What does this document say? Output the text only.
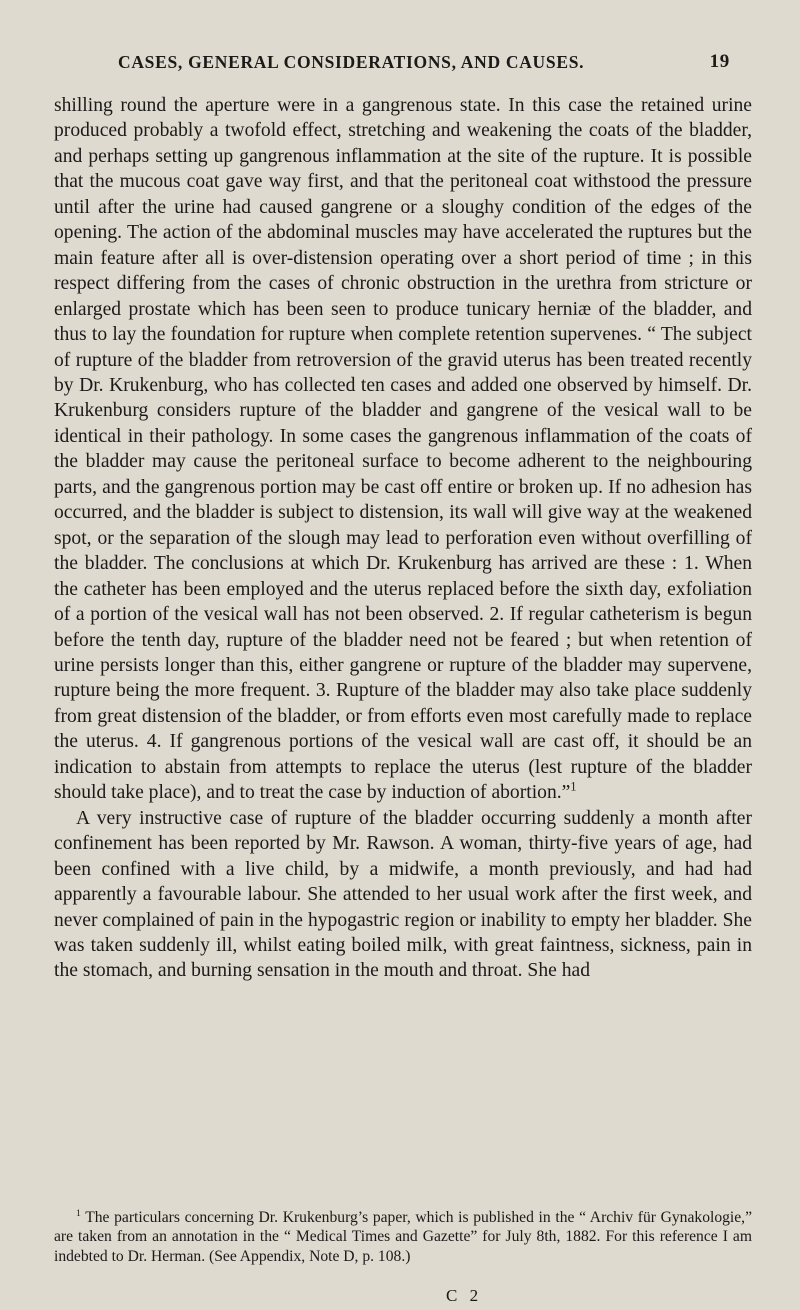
CASES, GENERAL CONSIDERATIONS, AND CAUSES.	19

shilling round the aperture were in a gangrenous state. In this case the retained urine produced probably a twofold effect, stretching and weakening the coats of the bladder, and perhaps setting up gangrenous inflammation at the site of the rupture. It is possible that the mucous coat gave way first, and that the peritoneal coat withstood the pressure until after the urine had caused gangrene or a sloughy condition of the edges of the opening. The action of the abdominal muscles may have accelerated the ruptures but the main feature after all is over-distension operating over a short period of time ; in this respect differing from the cases of chronic obstruction in the urethra from stricture or enlarged prostate which has been seen to produce tunicary herniæ of the bladder, and thus to lay the foundation for rupture when complete retention supervenes. “ The subject of rupture of the bladder from retroversion of the gravid uterus has been treated recently by Dr. Krukenburg, who has collected ten cases and added one observed by himself. Dr. Krukenburg considers rupture of the bladder and gangrene of the vesical wall to be identical in their pathology. In some cases the gangrenous inflammation of the coats of the bladder may cause the peritoneal surface to become adherent to the neighbouring parts, and the gangrenous portion may be cast off entire or broken up. If no adhesion has occurred, and the bladder is subject to distension, its wall will give way at the weakened spot, or the separation of the slough may lead to perforation even without overfilling of the bladder. The conclusions at which Dr. Krukenburg has arrived are these : 1. When the catheter has been employed and the uterus replaced before the sixth day, exfoliation of a portion of the vesical wall has not been observed. 2. If regular catheterism is begun before the tenth day, rupture of the bladder need not be feared ; but when retention of urine persists longer than this, either gangrene or rupture of the bladder may supervene, rupture being the more frequent. 3. Rupture of the bladder may also take place suddenly from great distension of the bladder, or from efforts even most carefully made to replace the uterus. 4. If gangrenous portions of the vesical wall are cast off, it should be an indication to abstain from attempts to replace the uterus (lest rupture of the bladder should take place), and to treat the case by induction of abortion.”$^1$

A very instructive case of rupture of the bladder occurring suddenly a month after confinement has been reported by Mr. Rawson. A woman, thirty-five years of age, had been confined with a live child, by a midwife, a month previously, and had had apparently a favourable labour. She attended to her usual work after the first week, and never complained of pain in the hypogastric region or inability to empty her bladder. She was taken suddenly ill, whilst eating boiled milk, with great faintness, sickness, pain in the stomach, and burning sensation in the mouth and throat. She had

$^1$ The particulars concerning Dr. Krukenburg’s paper, which is published in the “ Archiv für Gynakologie,” are taken from an annotation in the “ Medical Times and Gazette” for July 8th, 1882. For this reference I am indebted to Dr. Herman. (See Appendix, Note D, p. 108.)
C 2
